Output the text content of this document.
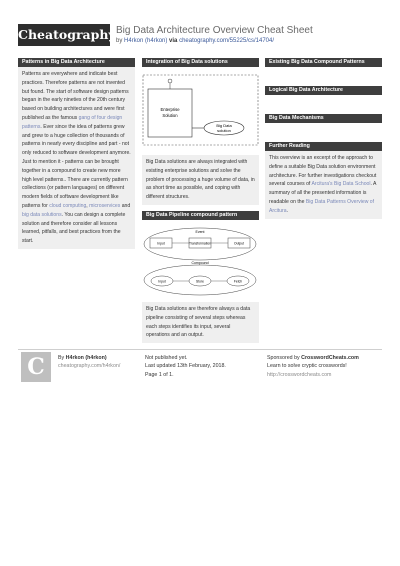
Cheatography Big Data Architecture Overview Cheat Sheet
by H4rkon (h4rkon) via cheatography.com/55225/cs/14704/
Patterns in Big Data Architecture
Patterns are everywhere and indicate best practices. Therefore patterns are not invented but found. The start of software design patterns began in the early nineties of the 20th century based on building architectures and were first published as the famous gang of four design patterns. Ever since the idea of patterns grew and grew to a huge collection of thousands of patterns in nearly every discipline and part - not only reduced to software development anymore. Just to mention it - patterns can be brought together in a compound to create new more high level patterns.. There are currently pattern collections (or pattern languages) on different modern fields of software development like patterns for cloud computing, microservices and big data solutions. You can design a complete solution and therefore consider all lessons learned, pitfalls, and best practices from the start.
Integration of Big Data solutions
Enterprise
Solution
Big Data
solution
Big Data solutions are always integrated with existing enterprise solutions and solve the problem of processing a huge volume of data, in as short time as possible, and coping with different structures.
Big Data Pipeline compound pattern
Event
Input	Transformation	Output
Compound
Input	Store	Fetch
Big Data solutions are therefore always a data pipeline consisting of several steps whereas each steps identifies its input, several operations and an output.
Existing Big Data Compound Patterns
Logical Big Data Architecture
Big Data Mechanisms
Further Reading
This overview is an excerpt of the approach to define a suitable Big Data solution environment architecture. For further investigations checkout several courses of Arcitura's Big Data School. A summary of all the presented information is readable on the Big Data Patterns Overview of Arcitura.
C	By H4rkon (h4rkon)
cheatography.com/h4rkon/
Not published yet.
Last updated 13th February, 2018.
Page 1 of 1.
Sponsored by CrosswordCheats.com
Learn to solve cryptic crosswords!
http://crosswordcheats.com
